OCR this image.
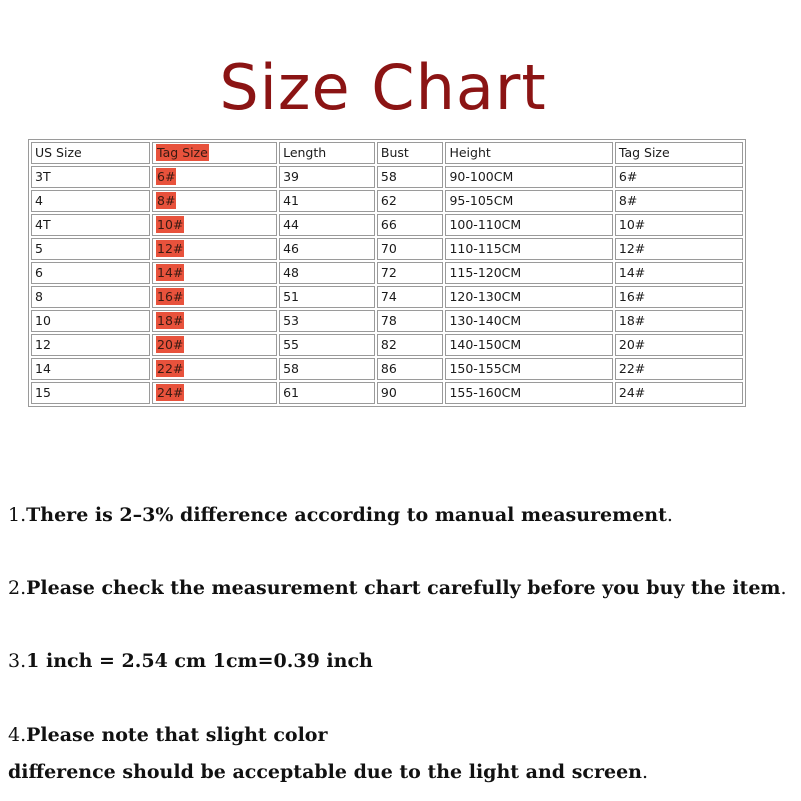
Size Chart
US Size	Tag Size	Length	Bust	Height	Tag Size
3T	6#	39	58	90-100CM	6#
4	8#	41	62	95-105CM	8#
4T	10#	44	66	100-110CM	10#
5	12#	46	70	110-115CM	12#
6	14#	48	72	115-120CM	14#
8	16#	51	74	120-130CM	16#
10	18#	53	78	130-140CM	18#
12	20#	55	82	140-150CM	20#
14	22#	58	86	150-155CM	22#
15	24#	61	90	155-160CM	24#
1.There is 2–3% difference according to manual measurement.
2.Please check the measurement chart carefully before you buy the item.
3.1 inch = 2.54 cm 1cm=0.39 inch
4.Please note that slight color
difference should be acceptable due to the light and screen.
